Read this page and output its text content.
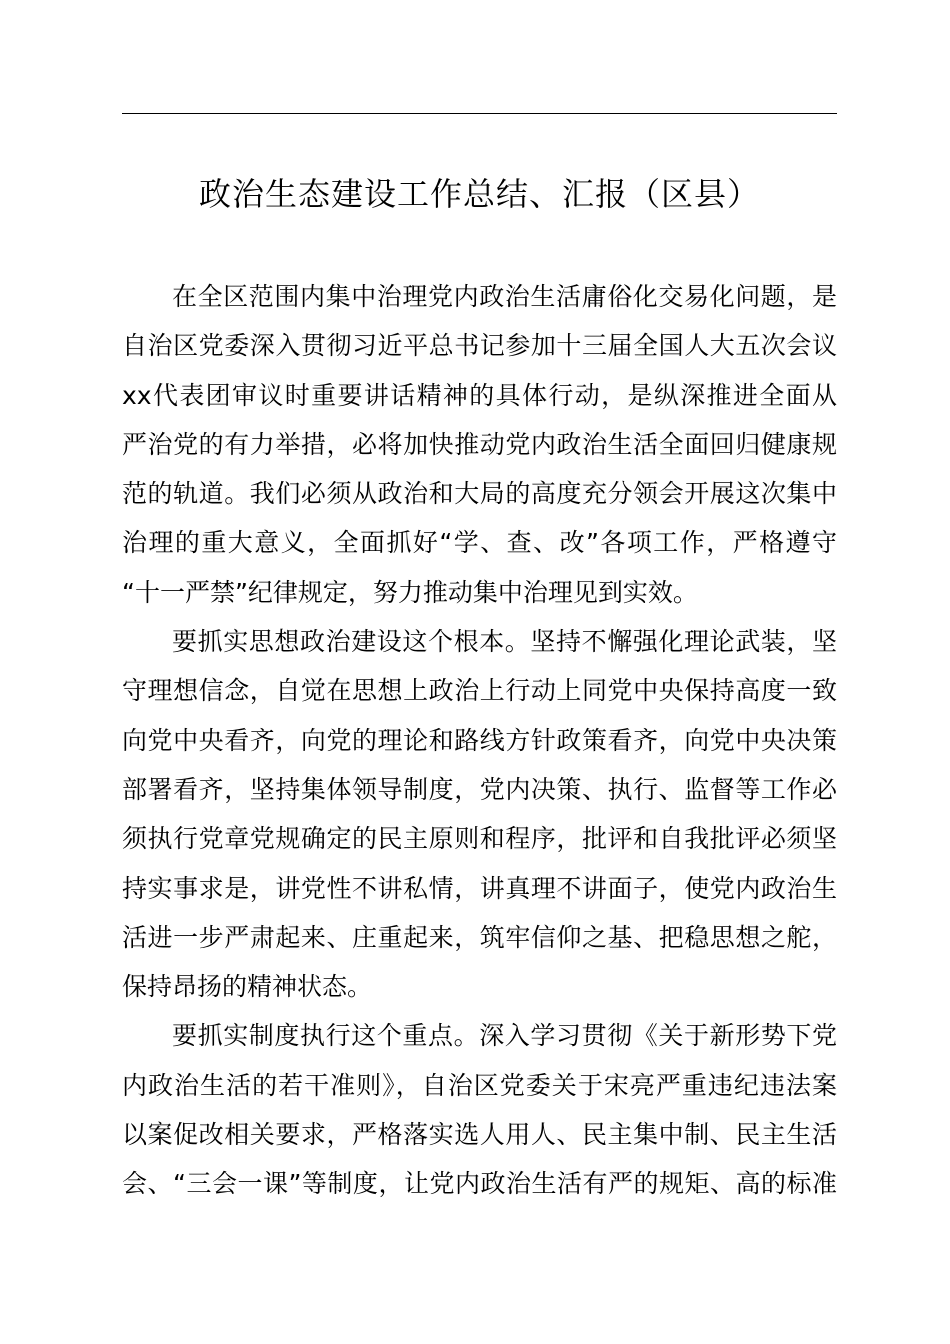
政治生态建设工作总结、汇报（区县）
在全区范围内集中治理党内政治生活庸俗化交易化问题，是
自治区党委深入贯彻习近平总书记参加十三届全国人大五次会议
xx代表团审议时重要讲话精神的具体行动，是纵深推进全面从
严治党的有力举措，必将加快推动党内政治生活全面回归健康规
范的轨道。我们必须从政治和大局的高度充分领会开展这次集中
治理的重大意义，全面抓好“学、查、改”各项工作，严格遵守
“十一严禁”纪律规定，努力推动集中治理见到实效。
要抓实思想政治建设这个根本。坚持不懈强化理论武装，坚
守理想信念，自觉在思想上政治上行动上同党中央保持高度一致
向党中央看齐，向党的理论和路线方针政策看齐，向党中央决策
部署看齐，坚持集体领导制度，党内决策、执行、监督等工作必
须执行党章党规确定的民主原则和程序，批评和自我批评必须坚
持实事求是，讲党性不讲私情，讲真理不讲面子，使党内政治生
活进一步严肃起来、庄重起来，筑牢信仰之基、把稳思想之舵，
保持昂扬的精神状态。
要抓实制度执行这个重点。深入学习贯彻《关于新形势下党
内政治生活的若干准则》，自治区党委关于宋亮严重违纪违法案
以案促改相关要求，严格落实选人用人、民主集中制、民主生活
会、“三会一课”等制度，让党内政治生活有严的规矩、高的标准
